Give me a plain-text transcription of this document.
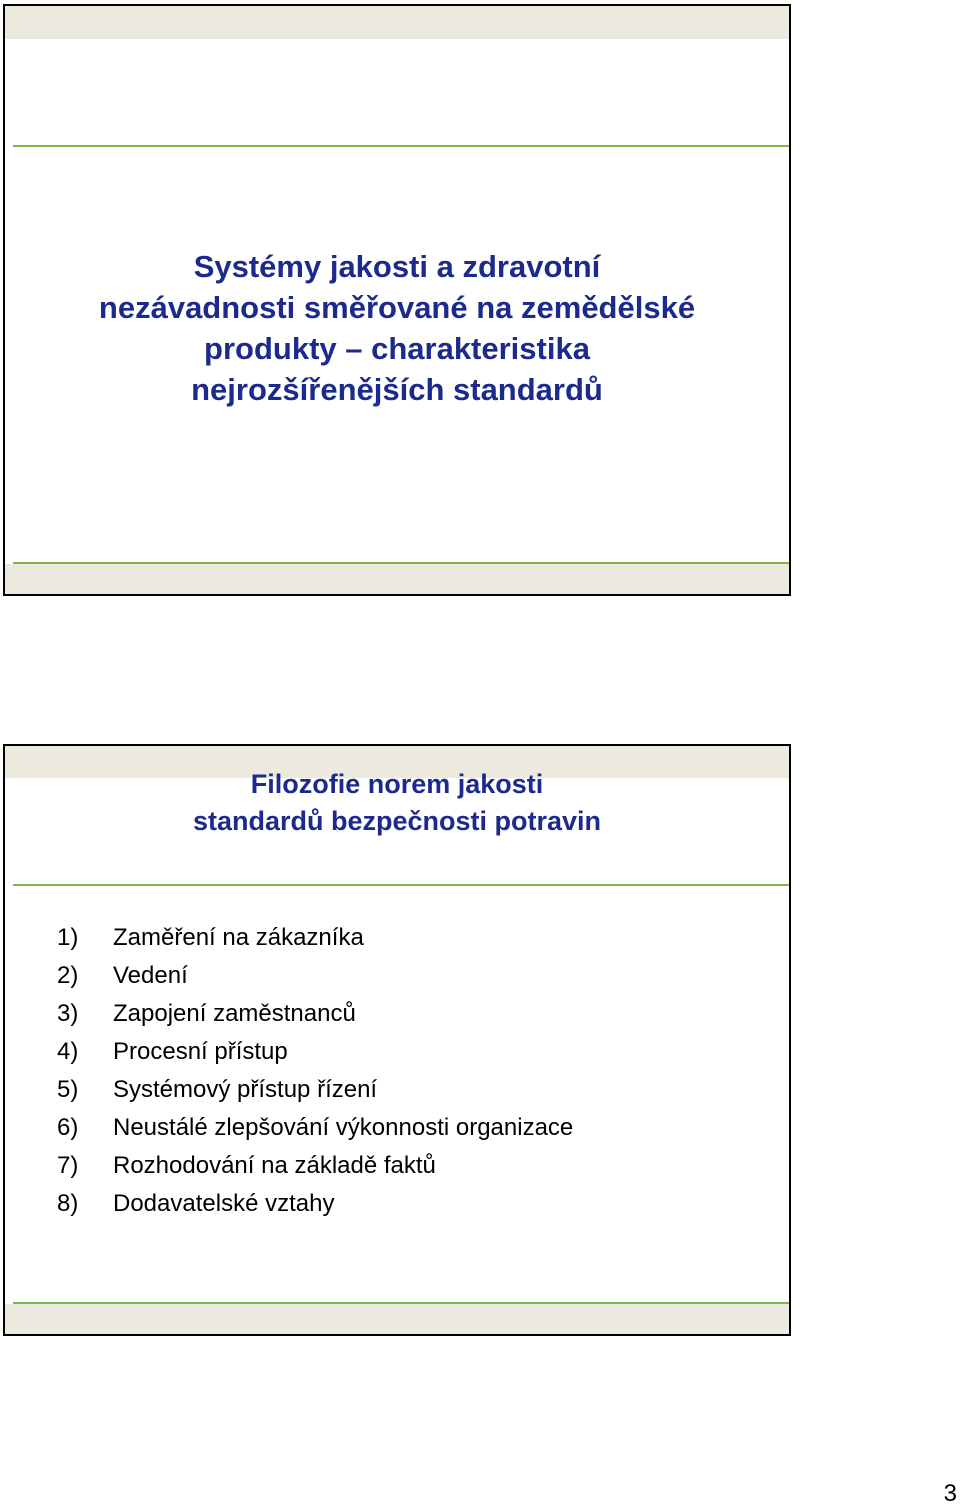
Systémy jakosti a zdravotní
nezávadnosti směřované na zemědělské
produkty – charakteristika
nejrozšířenějších standardů
Filozofie norem jakosti
standardů bezpečnosti potravin
1)	Zaměření na zákazníka
2)	Vedení
3)	Zapojení zaměstnanců
4)	Procesní přístup
5)	Systémový přístup řízení
6)	Neustálé zlepšování výkonnosti organizace
7)	Rozhodování na základě faktů
8)	Dodavatelské vztahy
3
